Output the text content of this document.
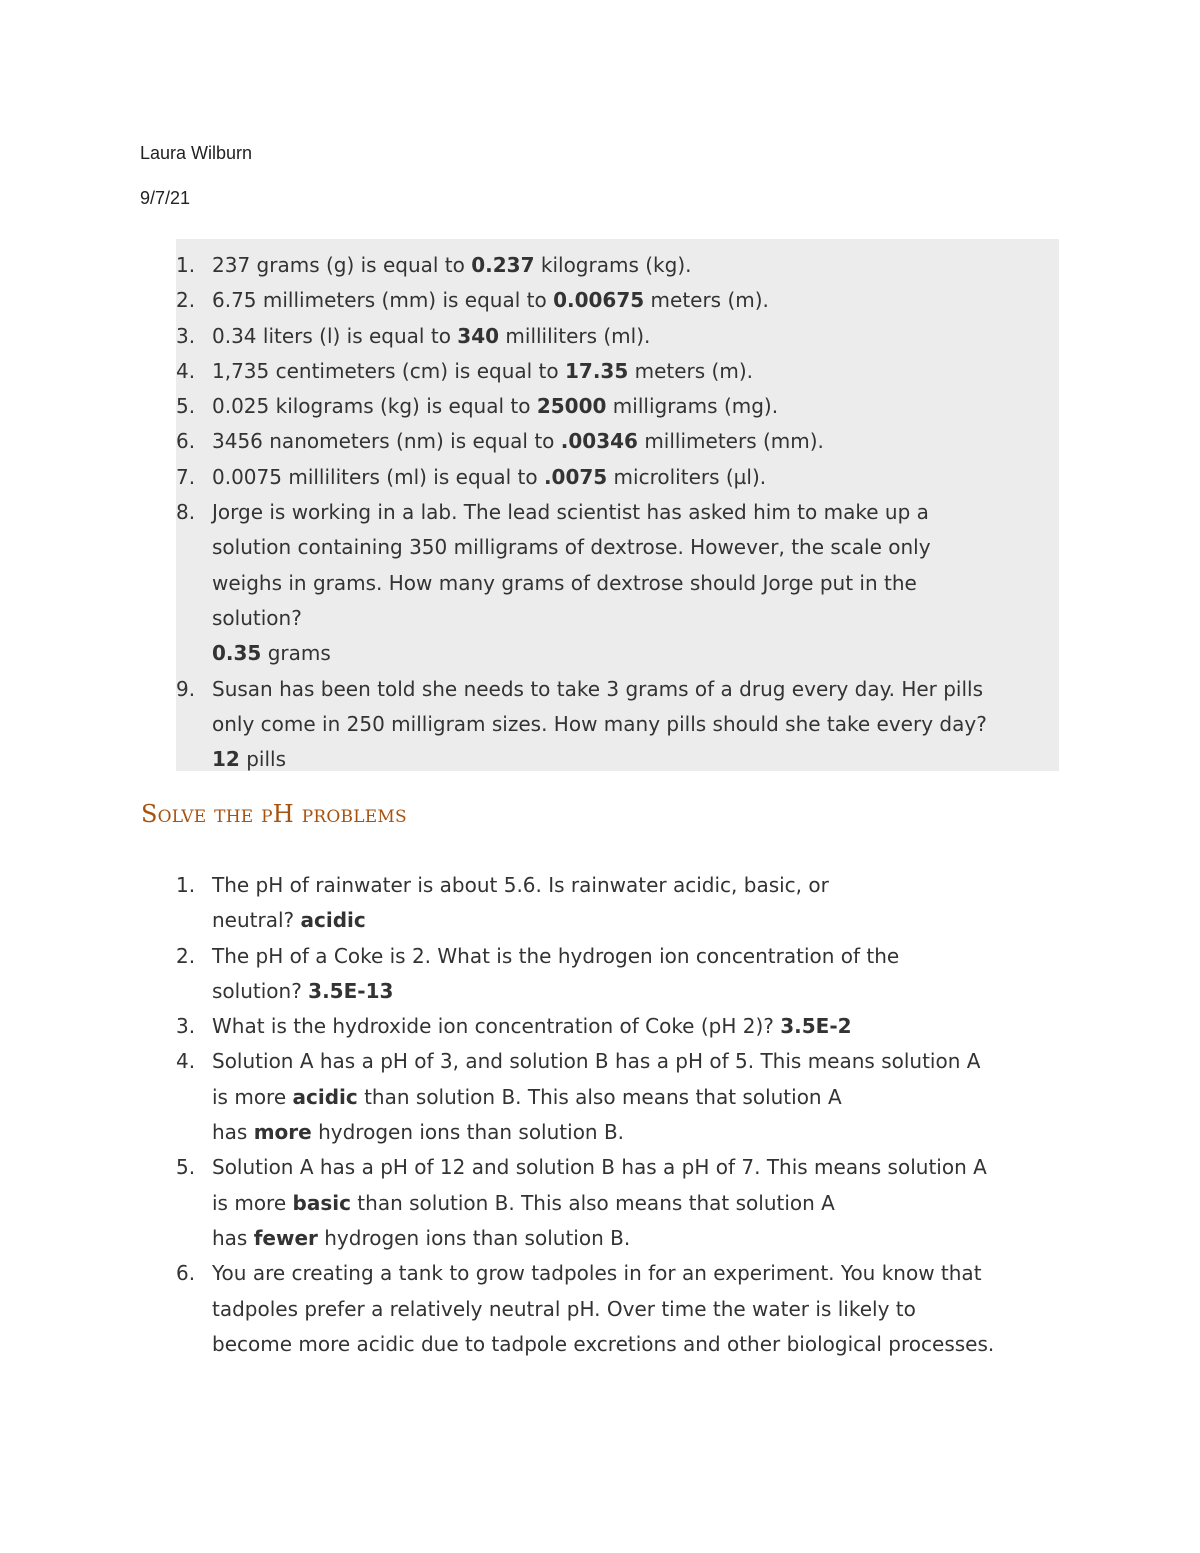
Laura Wilburn
9/7/21
1. 237 grams (g) is equal to 0.237 kilograms (kg).
2. 6.75 millimeters (mm) is equal to 0.00675 meters (m).
3. 0.34 liters (l) is equal to 340 milliliters (ml).
4. 1,735 centimeters (cm) is equal to 17.35 meters (m).
5. 0.025 kilograms (kg) is equal to 25000 milligrams (mg).
6. 3456 nanometers (nm) is equal to .00346 millimeters (mm).
7. 0.0075 milliliters (ml) is equal to .0075 microliters (µl).
8. Jorge is working in a lab. The lead scientist has asked him to make up a
solution containing 350 milligrams of dextrose. However, the scale only
weighs in grams. How many grams of dextrose should Jorge put in the
solution?
0.35 grams
9. Susan has been told she needs to take 3 grams of a drug every day. Her pills
only come in 250 milligram sizes. How many pills should she take every day?
12 pills
Solve the pH problems
1. The pH of rainwater is about 5.6. Is rainwater acidic, basic, or
neutral? acidic
2. The pH of a Coke is 2. What is the hydrogen ion concentration of the
solution? 3.5E-13
3. What is the hydroxide ion concentration of Coke (pH 2)? 3.5E-2
4. Solution A has a pH of 3, and solution B has a pH of 5. This means solution A
is more acidic than solution B. This also means that solution A
has more hydrogen ions than solution B.
5. Solution A has a pH of 12 and solution B has a pH of 7. This means solution A
is more basic than solution B. This also means that solution A
has fewer hydrogen ions than solution B.
6. You are creating a tank to grow tadpoles in for an experiment. You know that
tadpoles prefer a relatively neutral pH. Over time the water is likely to
become more acidic due to tadpole excretions and other biological processes.
